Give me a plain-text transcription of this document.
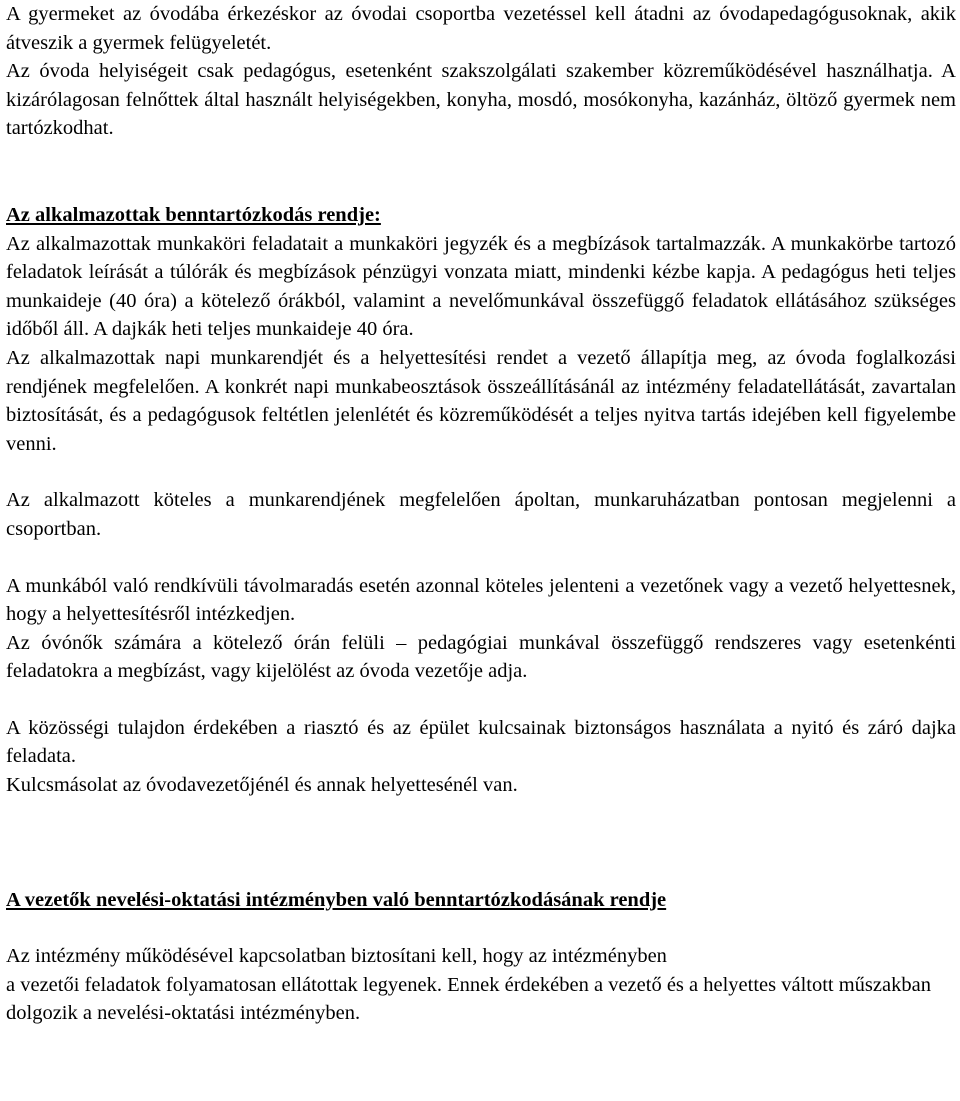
A gyermeket az óvodába érkezéskor az óvodai csoportba vezetéssel kell átadni az óvodapedagógusoknak, akik átveszik a gyermek felügyeletét.

Az óvoda helyiségeit csak pedagógus, esetenként szakszolgálati szakember közreműködésével használhatja. A kizárólagosan felnőttek által használt helyiségekben, konyha, mosdó, mosókonyha, kazánház, öltöző gyermek nem tartózkodhat.

Az alkalmazottak benntartózkodás rendje:

Az alkalmazottak munkaköri feladatait a munkaköri jegyzék és a megbízások tartalmazzák. A munkakörbe tartozó feladatok leírását a túlórák és megbízások pénzügyi vonzata miatt, mindenki kézbe kapja. A pedagógus heti teljes munkaideje (40 óra) a kötelező órákból, valamint a nevelőmunkával összefüggő feladatok ellátásához szükséges időből áll. A dajkák heti teljes munkaideje 40 óra.

Az alkalmazottak napi munkarendjét és a helyettesítési rendet a vezető állapítja meg, az óvoda foglalkozási rendjének megfelelően. A konkrét napi munkabeosztások összeállításánál az intézmény feladatellátását, zavartalan biztosítását, és a pedagógusok feltétlen jelenlétét és közreműködését a teljes nyitva tartás idejében kell figyelembe venni.

Az alkalmazott köteles a munkarendjének megfelelően ápoltan, munkaruházatban pontosan megjelenni a csoportban.

A munkából való rendkívüli távolmaradás esetén azonnal köteles jelenteni a vezetőnek vagy a vezető helyettesnek, hogy a helyettesítésről intézkedjen.

Az óvónők számára a kötelező órán felüli – pedagógiai munkával összefüggő rendszeres vagy esetenkénti feladatokra a megbízást, vagy kijelölést az óvoda vezetője adja.

A közösségi tulajdon érdekében a riasztó és az épület kulcsainak biztonságos használata a nyitó és záró dajka feladata.

Kulcsmásolat az óvodavezetőjénél és annak helyettesénél van.

A vezetők nevelési-oktatási intézményben való benntartózkodásának rendje

Az intézmény működésével kapcsolatban biztosítani kell, hogy az intézményben

a vezetői feladatok folyamatosan ellátottak legyenek. Ennek érdekében a vezető és a helyettes váltott műszakban dolgozik a nevelési-oktatási intézményben.
